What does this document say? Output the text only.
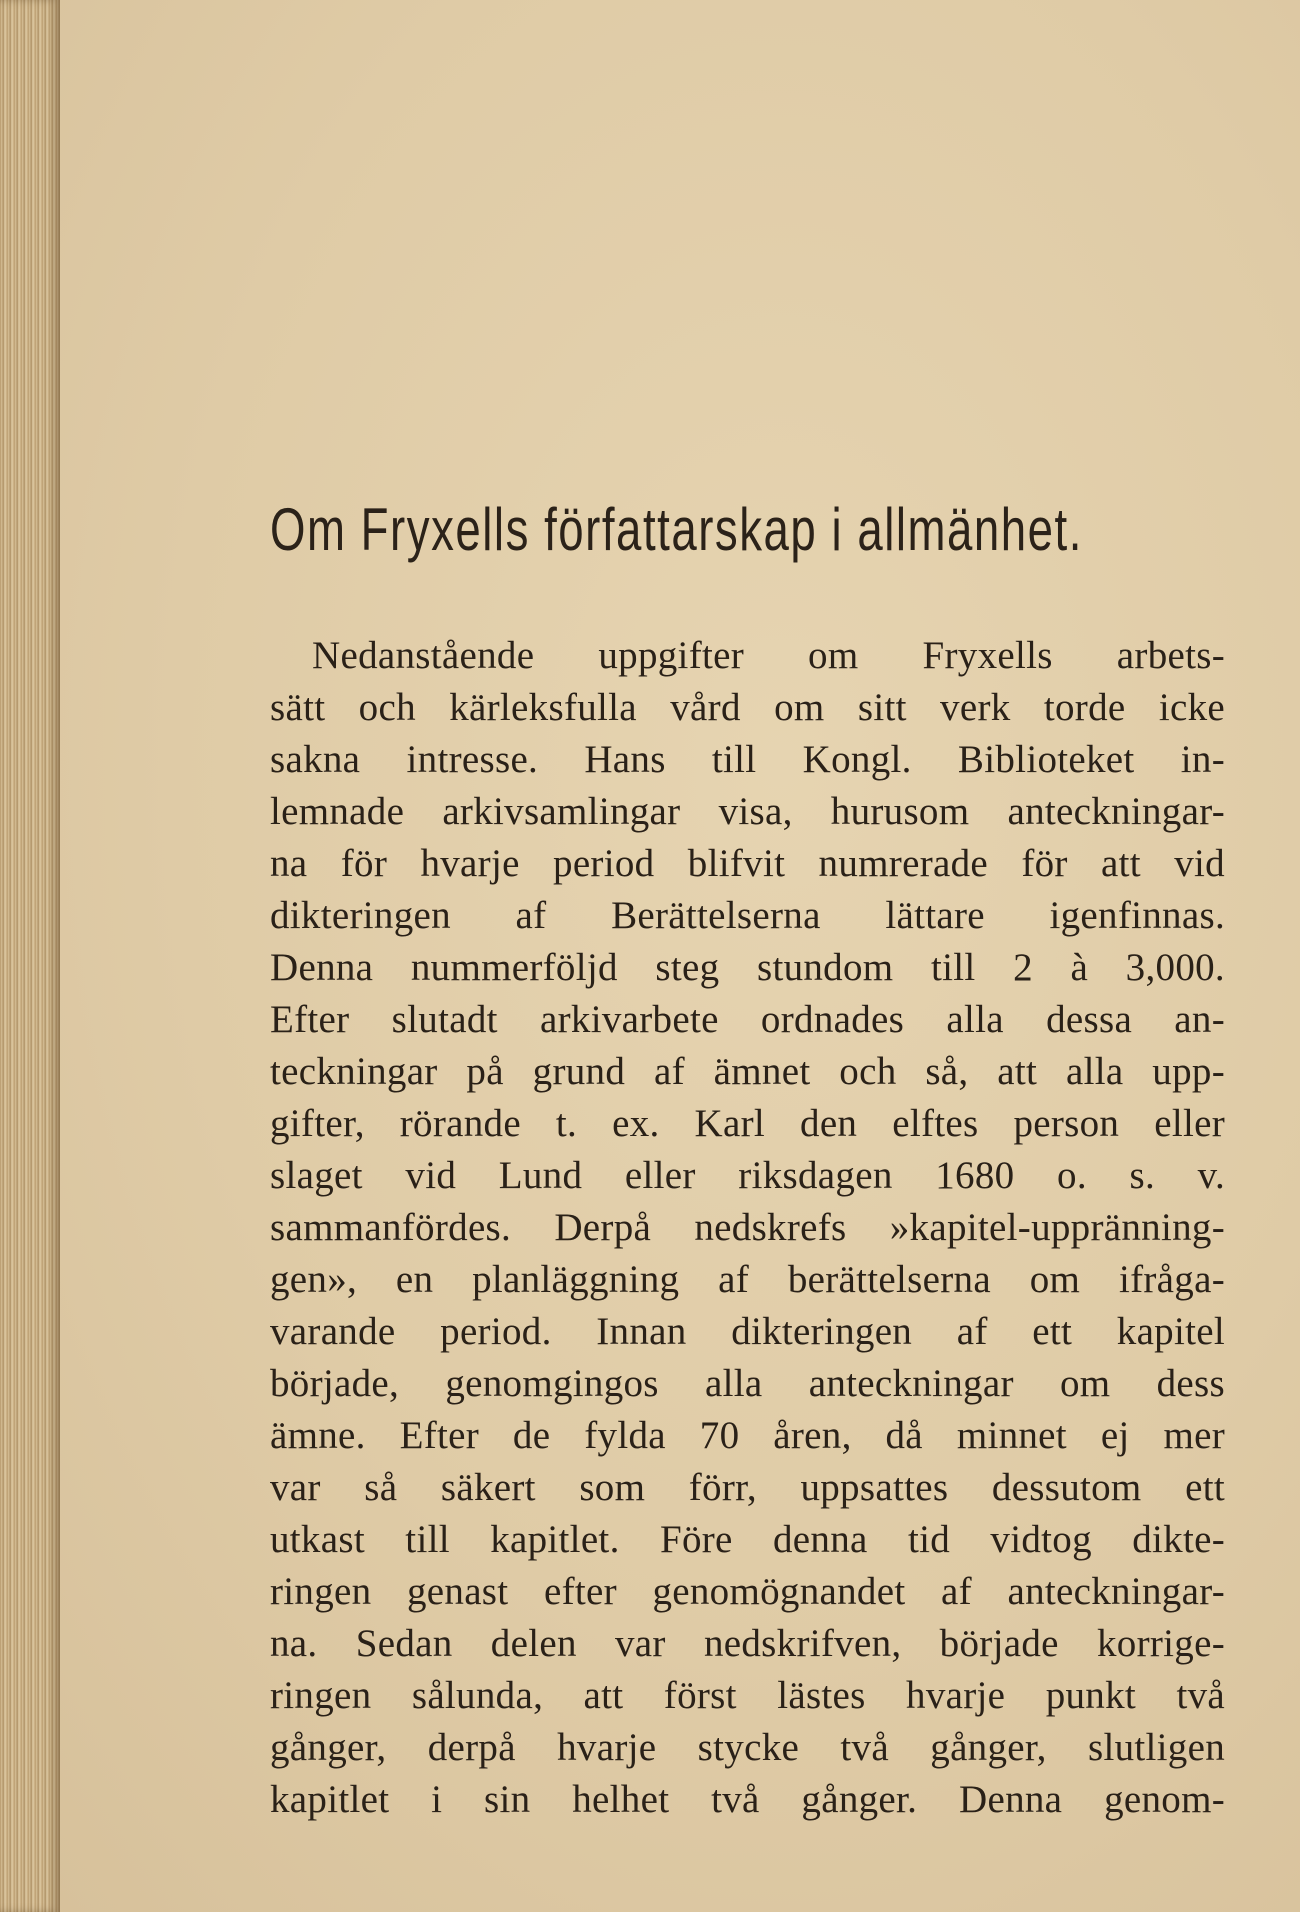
Om Fryxells författarskap i allmänhet.
Nedanstående uppgifter om Fryxells arbets-
sätt och kärleksfulla vård om sitt verk torde icke
sakna intresse. Hans till Kongl. Biblioteket in-
lemnade arkivsamlingar visa, hurusom anteckningar-
na för hvarje period blifvit numrerade för att vid
dikteringen af Berättelserna lättare igenfinnas.
Denna nummerföljd steg stundom till 2 à 3,000.
Efter slutadt arkivarbete ordnades alla dessa an-
teckningar på grund af ämnet och så, att alla upp-
gifter, rörande t. ex. Karl den elftes person eller
slaget vid Lund eller riksdagen 1680 o. s. v.
sammanfördes. Derpå nedskrefs »kapitel-uppränning-
gen», en planläggning af berättelserna om ifråga-
varande period. Innan dikteringen af ett kapitel
började, genomgingos alla anteckningar om dess
ämne. Efter de fylda 70 åren, då minnet ej mer
var så säkert som förr, uppsattes dessutom ett
utkast till kapitlet. Före denna tid vidtog dikte-
ringen genast efter genomögnandet af anteckningar-
na. Sedan delen var nedskrifven, började korrige-
ringen sålunda, att först lästes hvarje punkt två
gånger, derpå hvarje stycke två gånger, slutligen
kapitlet i sin helhet två gånger. Denna genom-
